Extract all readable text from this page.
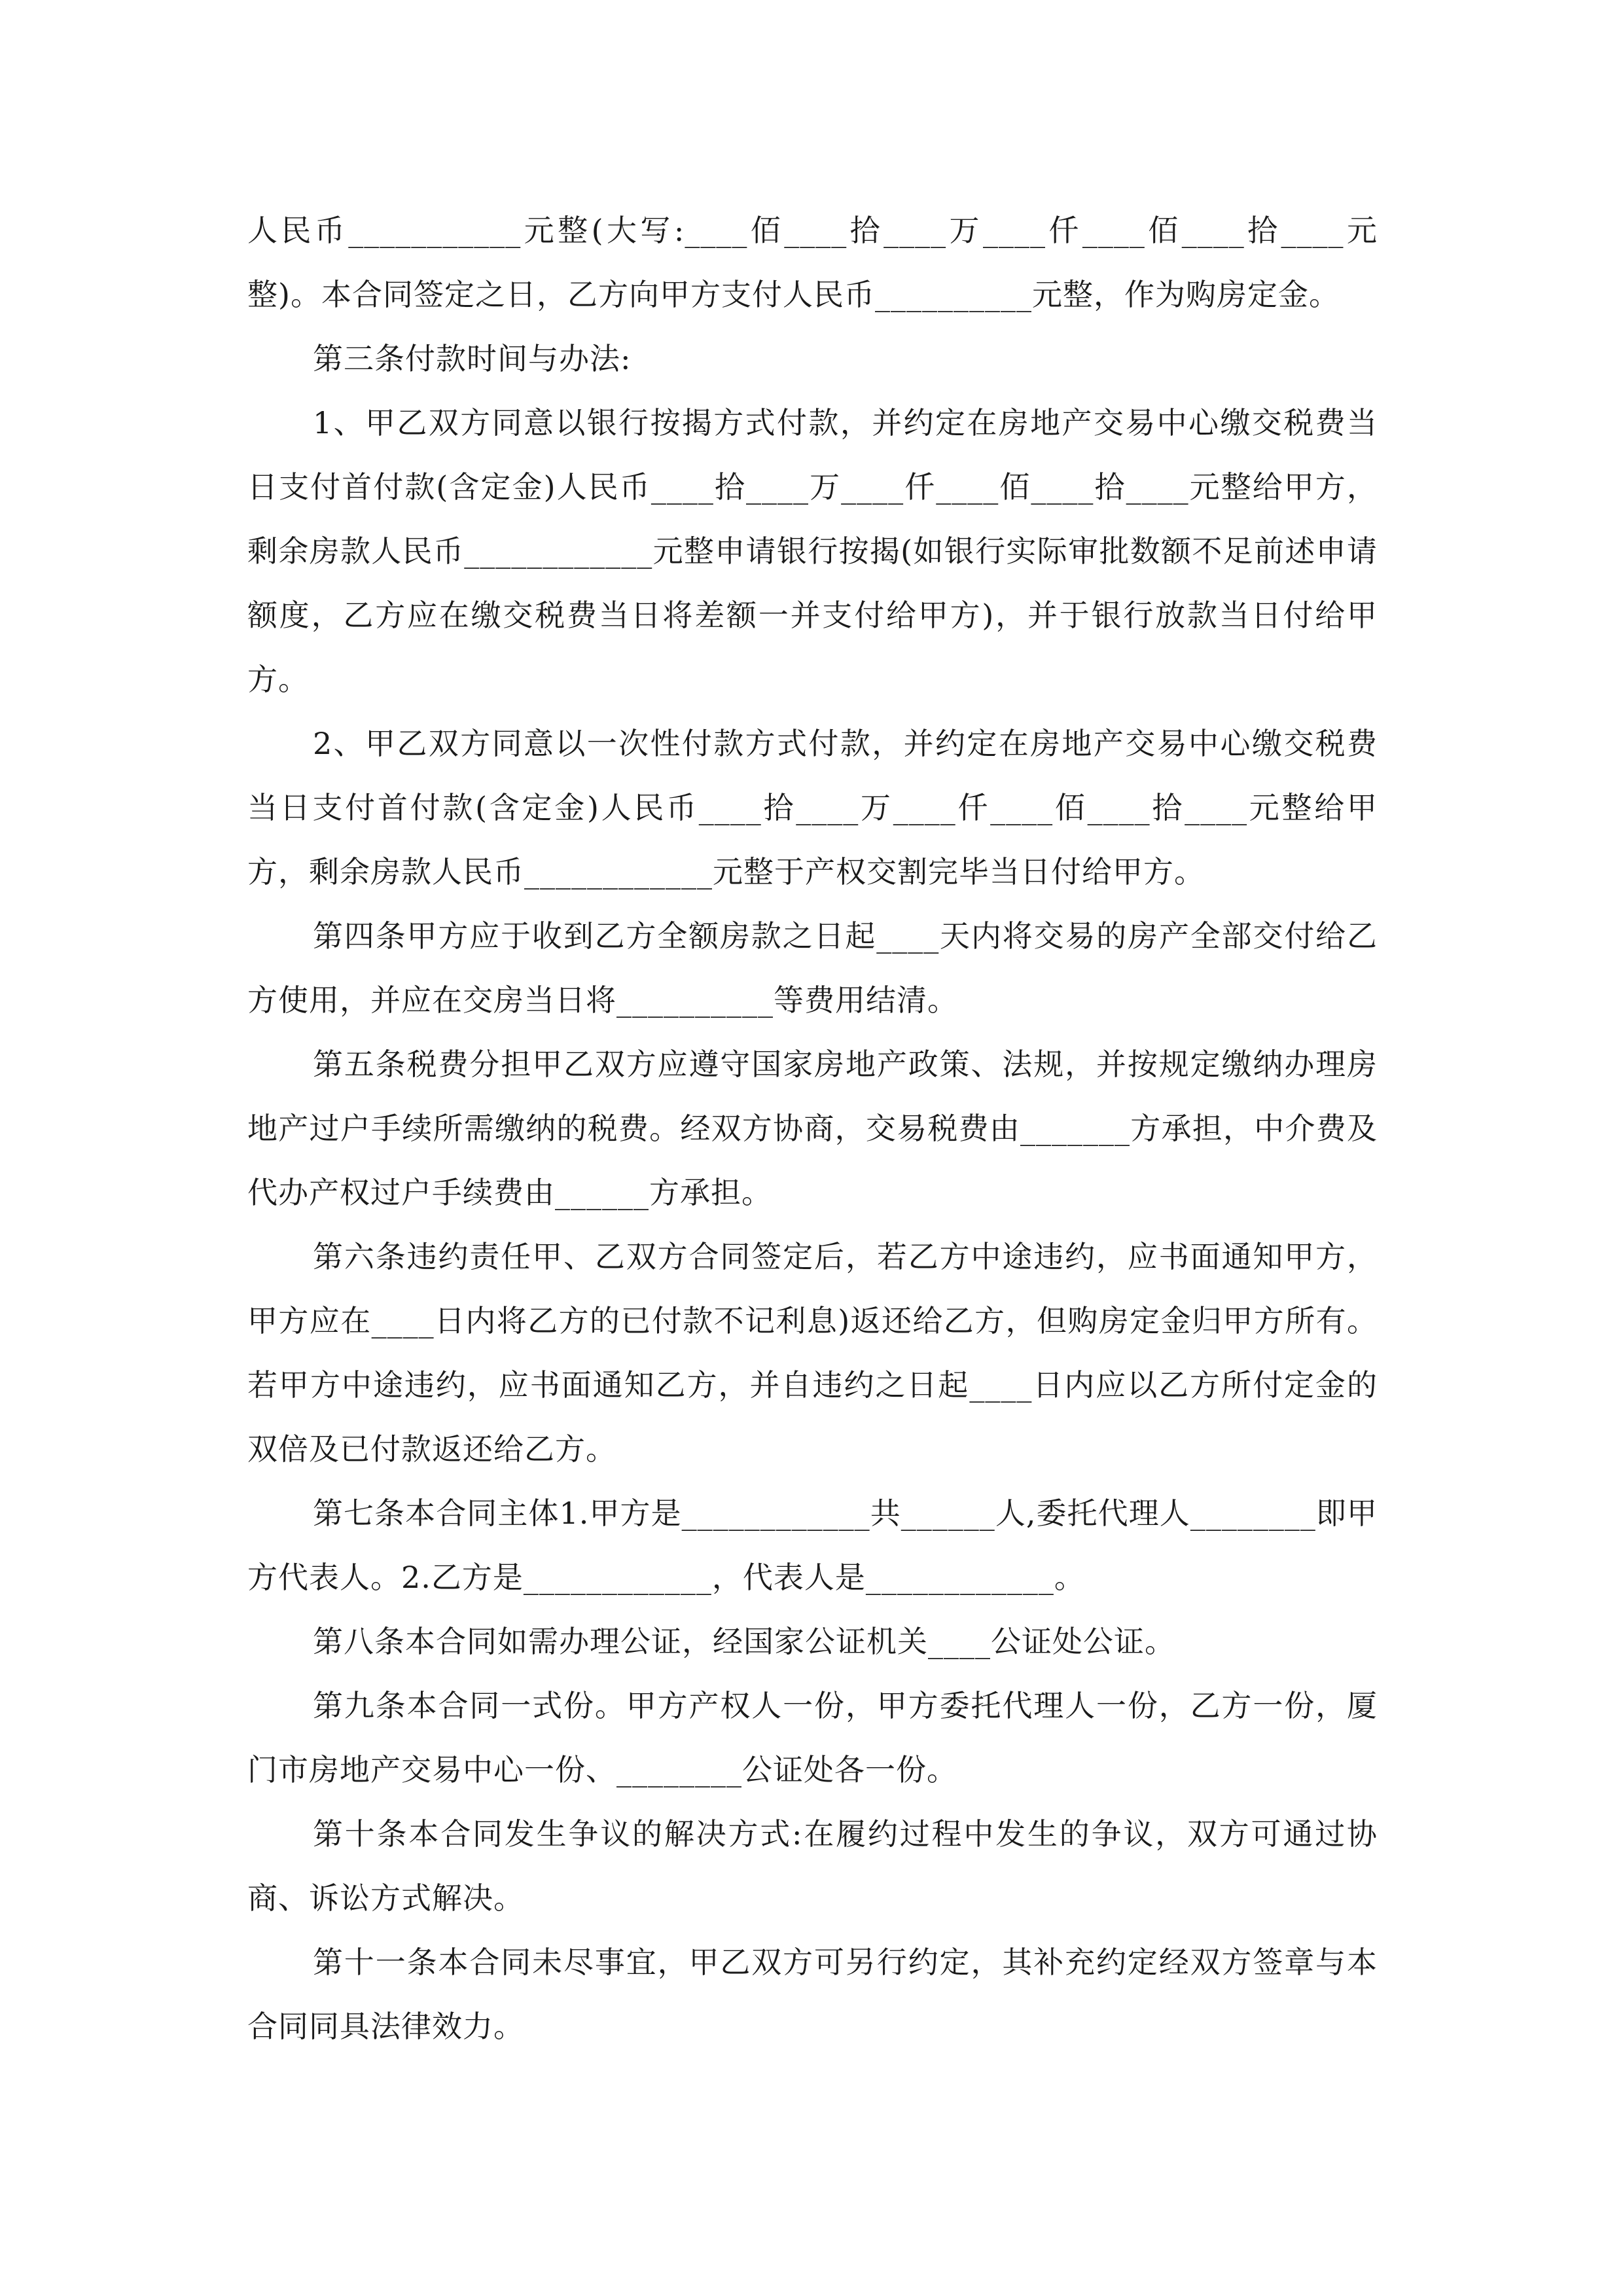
人民币___________元整(大写:____佰____拾____万____仟____佰____拾____元整)。本合同签定之日，乙方向甲方支付人民币__________元整，作为购房定金。

第三条付款时间与办法:

1、甲乙双方同意以银行按揭方式付款，并约定在房地产交易中心缴交税费当日支付首付款(含定金)人民币____拾____万____仟____佰____拾____元整给甲方，剩余房款人民币____________元整申请银行按揭(如银行实际审批数额不足前述申请额度，乙方应在缴交税费当日将差额一并支付给甲方)，并于银行放款当日付给甲方。

2、甲乙双方同意以一次性付款方式付款，并约定在房地产交易中心缴交税费当日支付首付款(含定金)人民币____拾____万____仟____佰____拾____元整给甲方，剩余房款人民币____________元整于产权交割完毕当日付给甲方。

第四条甲方应于收到乙方全额房款之日起____天内将交易的房产全部交付给乙方使用，并应在交房当日将__________等费用结清。

第五条税费分担甲乙双方应遵守国家房地产政策、法规，并按规定缴纳办理房地产过户手续所需缴纳的税费。经双方协商，交易税费由_______方承担，中介费及代办产权过户手续费由______方承担。

第六条违约责任甲、乙双方合同签定后，若乙方中途违约，应书面通知甲方，甲方应在____日内将乙方的已付款不记利息)返还给乙方，但购房定金归甲方所有。若甲方中途违约，应书面通知乙方，并自违约之日起____日内应以乙方所付定金的双倍及已付款返还给乙方。

第七条本合同主体1.甲方是____________共______人,委托代理人________即甲方代表人。2.乙方是____________，代表人是____________。

第八条本合同如需办理公证，经国家公证机关____公证处公证。

第九条本合同一式份。甲方产权人一份，甲方委托代理人一份，乙方一份，厦门市房地产交易中心一份、________公证处各一份。

第十条本合同发生争议的解决方式:在履约过程中发生的争议，双方可通过协商、诉讼方式解决。

第十一条本合同未尽事宜，甲乙双方可另行约定，其补充约定经双方签章与本合同同具法律效力。
